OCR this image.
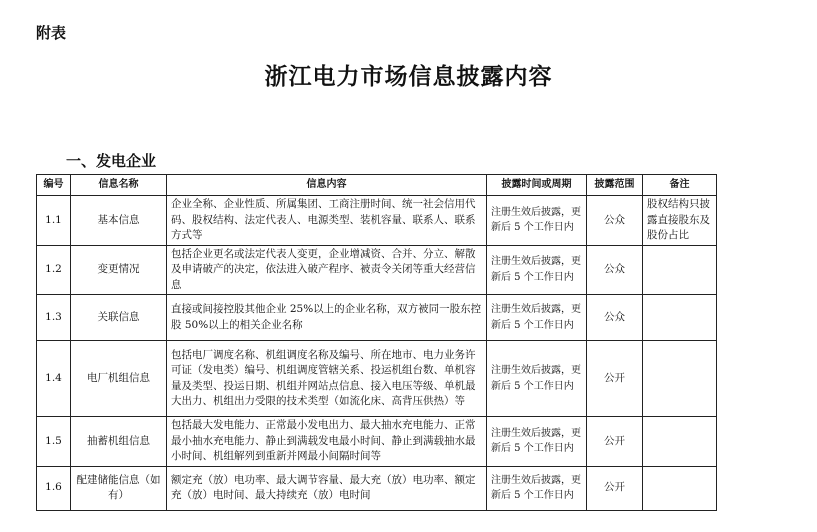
附表
浙江电力市场信息披露内容
一、发电企业
编号	信息名称	信息内容	披露时间或周期	披露范围	备注
1.1	基本信息	企业全称、企业性质、所属集团、工商注册时间、统一社会信用代码、股权结构、法定代表人、电源类型、装机容量、联系人、联系方式等	注册生效后披露，更新后 5 个工作日内	公众	股权结构只披露直接股东及股份占比
1.2	变更情况	包括企业更名或法定代表人变更，企业增减资、合并、分立、解散及申请破产的决定，依法进入破产程序、被责令关闭等重大经营信息	注册生效后披露，更新后 5 个工作日内	公众	
1.3	关联信息	直接或间接控股其他企业 25%以上的企业名称，双方被同一股东控股 50%以上的相关企业名称	注册生效后披露，更新后 5 个工作日内	公众	
1.4	电厂机组信息	包括电厂调度名称、机组调度名称及编号、所在地市、电力业务许可证（发电类）编号、机组调度管辖关系、投运机组台数、单机容量及类型、投运日期、机组并网站点信息、接入电压等级、单机最大出力、机组出力受限的技术类型（如流化床、高背压供热）等	注册生效后披露，更新后 5 个工作日内	公开	
1.5	抽蓄机组信息	包括最大发电能力、正常最小发电出力、最大抽水充电能力、正常最小抽水充电能力、静止到满载发电最小时间、静止到满载抽水最小时间、机组解列到重新并网最小间隔时间等	注册生效后披露，更新后 5 个工作日内	公开	
1.6	配建储能信息（如有）	额定充（放）电功率、最大调节容量、最大充（放）电功率、额定充（放）电时间、最大持续充（放）电时间	注册生效后披露，更新后 5 个工作日内	公开	
